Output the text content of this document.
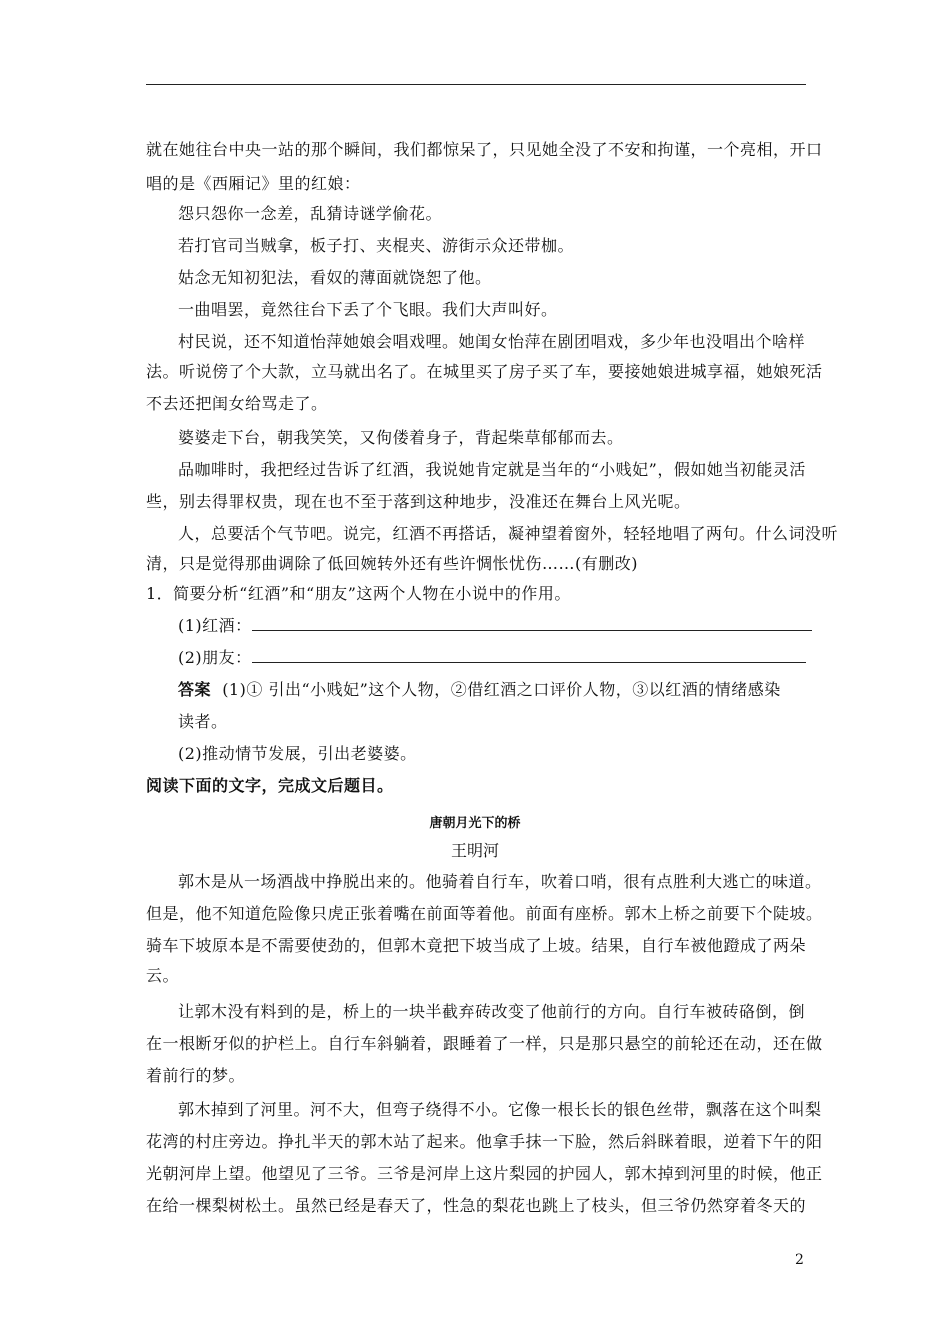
就在她往台中央一站的那个瞬间，我们都惊呆了，只见她全没了不安和拘谨，一个亮相，开口
唱的是《西厢记》里的红娘：
怨只怨你一念差，乱猜诗谜学偷花。
若打官司当贼拿，板子打、夹棍夹、游街示众还带枷。
姑念无知初犯法，看奴的薄面就饶恕了他。
一曲唱罢，竟然往台下丢了个飞眼。我们大声叫好。
村民说，还不知道怡萍她娘会唱戏哩。她闺女怡萍在剧团唱戏，多少年也没唱出个啥样
法。听说傍了个大款，立马就出名了。在城里买了房子买了车，要接她娘进城享福，她娘死活
不去还把闺女给骂走了。
婆婆走下台，朝我笑笑，又佝偻着身子，背起柴草郁郁而去。
品咖啡时，我把经过告诉了红酒，我说她肯定就是当年的“小贱妃”，假如她当初能灵活
些，别去得罪权贵，现在也不至于落到这种地步，没准还在舞台上风光呢。
人，总要活个气节吧。说完，红酒不再搭话，凝神望着窗外，轻轻地唱了两句。什么词没听
清，只是觉得那曲调除了低回婉转外还有些许惆怅忧伤……(有删改)
1．简要分析“红酒”和“朋友”这两个人物在小说中的作用。
(1)红酒：
(2)朋友：
答案 (1)① 引出“小贱妃”这个人物，②借红酒之口评价人物，③以红酒的情绪感染
读者。
(2)推动情节发展，引出老婆婆。
阅读下面的文字，完成文后题目。
唐朝月光下的桥
王明河
郭木是从一场酒战中挣脱出来的。他骑着自行车，吹着口哨，很有点胜利大逃亡的味道。
但是，他不知道危险像只虎正张着嘴在前面等着他。前面有座桥。郭木上桥之前要下个陡坡。
骑车下坡原本是不需要使劲的，但郭木竟把下坡当成了上坡。结果，自行车被他蹬成了两朵
云。
让郭木没有料到的是，桥上的一块半截弃砖改变了他前行的方向。自行车被砖硌倒，倒
在一根断牙似的护栏上。自行车斜躺着，跟睡着了一样，只是那只悬空的前轮还在动，还在做
着前行的梦。
郭木掉到了河里。河不大，但弯子绕得不小。它像一根长长的银色丝带，飘落在这个叫梨
花湾的村庄旁边。挣扎半天的郭木站了起来。他拿手抹一下脸，然后斜眯着眼，逆着下午的阳
光朝河岸上望。他望见了三爷。三爷是河岸上这片梨园的护园人，郭木掉到河里的时候，他正
在给一棵梨树松土。虽然已经是春天了，性急的梨花也跳上了枝头，但三爷仍然穿着冬天的
2
